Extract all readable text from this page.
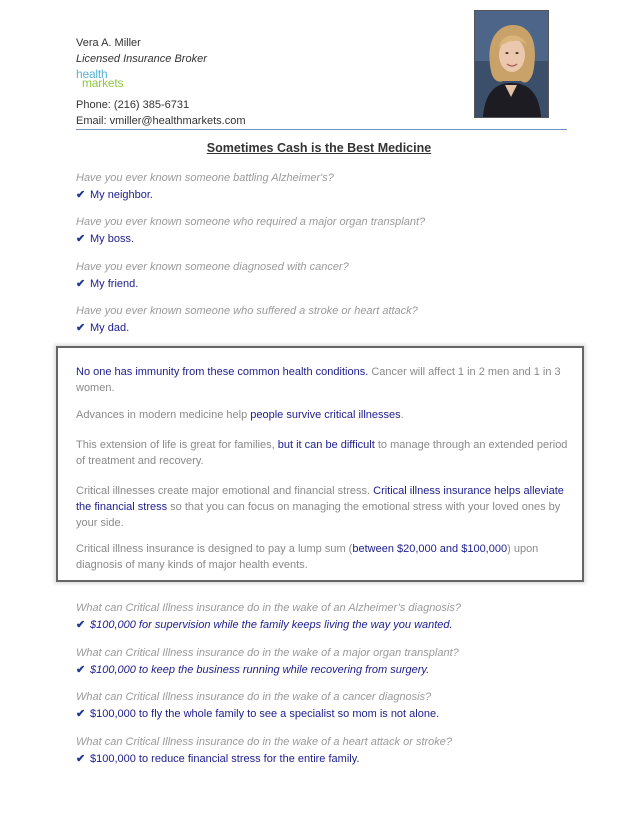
Vera A. Miller
Licensed Insurance Broker
health
markets.
Phone: (216) 385-6731
Email: vmiller@healthmarkets.com
Sometimes Cash is the Best Medicine
Have you ever known someone battling Alzheimer's?
✔ My neighbor.
Have you ever known someone who required a major organ transplant?
✔ My boss.
Have you ever known someone diagnosed with cancer?
✔ My friend.
Have you ever known someone who suffered a stroke or heart attack?
✔ My dad.
No one has immunity from these common health conditions. Cancer will affect 1 in 2 men and 1 in 3 women.
Advances in modern medicine help people survive critical illnesses.
This extension of life is great for families, but it can be difficult to manage through an extended period of treatment and recovery.
Critical illnesses create major emotional and financial stress. Critical illness insurance helps alleviate the financial stress so that you can focus on managing the emotional stress with your loved ones by your side.
Critical illness insurance is designed to pay a lump sum (between $20,000 and $100,000) upon diagnosis of many kinds of major health events.
What can Critical Illness insurance do in the wake of an Alzheimer’s diagnosis?
✔ $100,000 for supervision while the family keeps living the way you wanted.
What can Critical Illness insurance do in the wake of a major organ transplant?
✔ $100,000 to keep the business running while recovering from surgery.
What can Critical Illness insurance do in the wake of a cancer diagnosis?
✔ $100,000 to fly the whole family to see a specialist so mom is not alone.
What can Critical Illness insurance do in the wake of a heart attack or stroke?
✔ $100,000 to reduce financial stress for the entire family.
